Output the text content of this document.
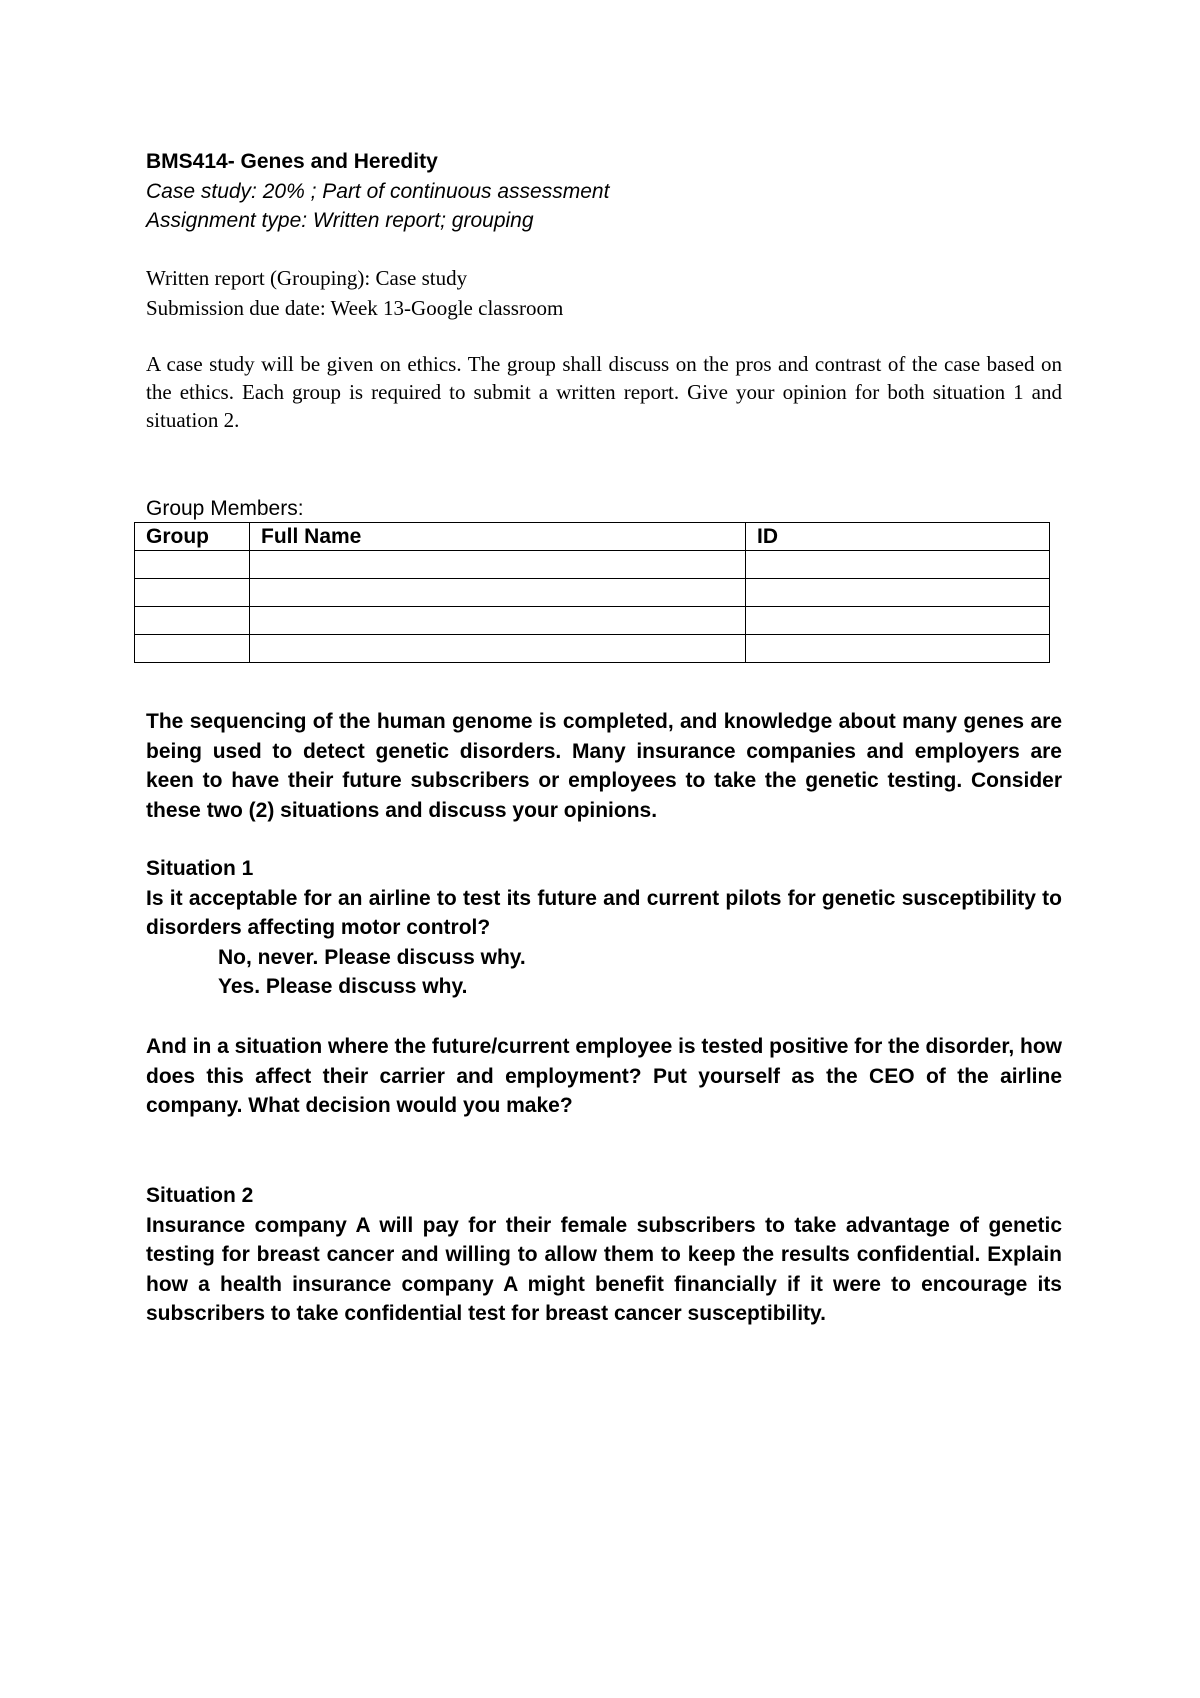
BMS414- Genes and Heredity
Case study: 20% ; Part of continuous assessment
Assignment type: Written report; grouping
Written report (Grouping): Case study
Submission due date: Week 13-Google classroom
A case study will be given on ethics. The group shall discuss on the pros and contrast of the case based on the ethics. Each group is required to submit a written report. Give your opinion for both situation 1 and situation 2.
Group Members:
Group	Full Name	ID

The sequencing of the human genome is completed, and knowledge about many genes are being used to detect genetic disorders. Many insurance companies and employers are keen to have their future subscribers or employees to take the genetic testing. Consider these two (2) situations and discuss your opinions.
Situation 1
Is it acceptable for an airline to test its future and current pilots for genetic susceptibility to disorders affecting motor control?
No, never. Please discuss why.
Yes. Please discuss why.
And in a situation where the future/current employee is tested positive for the disorder, how does this affect their carrier and employment? Put yourself as the CEO of the airline company. What decision would you make?
Situation 2
Insurance company A will pay for their female subscribers to take advantage of genetic testing for breast cancer and willing to allow them to keep the results confidential. Explain how a health insurance company A might benefit financially if it were to encourage its subscribers to take confidential test for breast cancer susceptibility.
